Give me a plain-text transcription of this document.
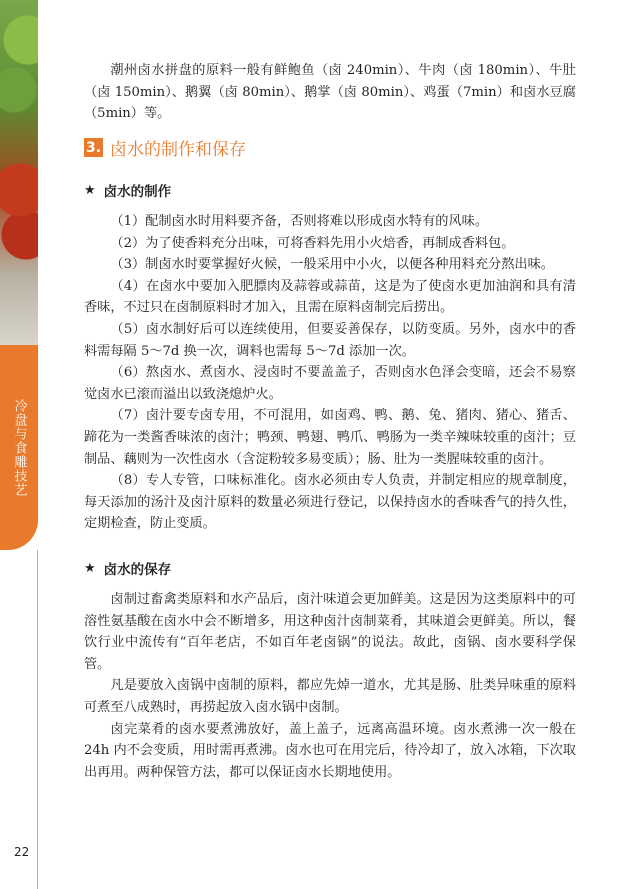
冷盘与食雕技艺
22

潮州卤水拼盘的原料一般有鲜鲍鱼（卤 240min）、牛肉（卤 180min）、牛肚（卤 150min）、鹅翼（卤 80min）、鹅掌（卤 80min）、鸡蛋（7min）和卤水豆腐（5min）等。

3. 卤水的制作和保存
★ 卤水的制作

（1）配制卤水时用料要齐备，否则将难以形成卤水特有的风味。

（2）为了使香料充分出味，可将香料先用小火焙香，再制成香料包。

（3）制卤水时要掌握好火候，一般采用中小火，以便各种用料充分熬出味。

（4）在卤水中要加入肥膘肉及蒜蓉或蒜苗，这是为了使卤水更加油润和具有清香味，不过只在卤制原料时才加入，且需在原料卤制完后捞出。

（5）卤水制好后可以连续使用，但要妥善保存，以防变质。另外，卤水中的香料需每隔 5～7d 换一次，调料也需每 5～7d 添加一次。

（6）熬卤水、煮卤水、浸卤时不要盖盖子，否则卤水色泽会变暗，还会不易察觉卤水已滚而溢出以致浇熄炉火。

（7）卤汁要专卤专用，不可混用，如卤鸡、鸭、鹅、兔、猪肉、猪心、猪舌、蹄花为一类酱香味浓的卤汁；鸭颈、鸭翅、鸭爪、鸭肠为一类辛辣味较重的卤汁；豆制品、藕则为一次性卤水（含淀粉较多易变质）；肠、肚为一类腥味较重的卤汁。

（8）专人专管，口味标准化。卤水必须由专人负责，并制定相应的规章制度，每天添加的汤汁及卤汁原料的数量必须进行登记，以保持卤水的香味香气的持久性，定期检查，防止变质。

★ 卤水的保存

卤制过畜禽类原料和水产品后，卤汁味道会更加鲜美。这是因为这类原料中的可溶性氨基酸在卤水中会不断增多，用这种卤汁卤制菜肴，其味道会更鲜美。所以，餐饮行业中流传有“百年老店，不如百年老卤锅”的说法。故此，卤锅、卤水要科学保管。

凡是要放入卤锅中卤制的原料，都应先焯一道水，尤其是肠、肚类异味重的原料可煮至八成熟时，再捞起放入卤水锅中卤制。

卤完菜肴的卤水要煮沸放好，盖上盖子，远离高温环境。卤水煮沸一次一般在 24h 内不会变质，用时需再煮沸。卤水也可在用完后，待冷却了，放入冰箱，下次取出再用。两种保管方法，都可以保证卤水长期地使用。
